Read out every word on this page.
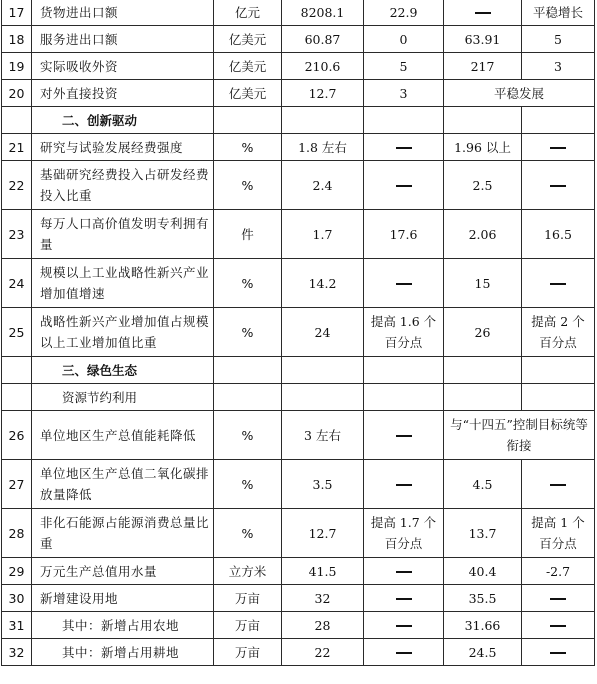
17	货物进出口额	亿元	8208.1	22.9		平稳增长
18	服务进出口额	亿美元	60.87	0	63.91	5
19	实际吸收外资	亿美元	210.6	5	217	3
20	对外直接投资	亿美元	12.7	3	平稳发展	
	二、创新驱动					
21	研究与试验发展经费强度	%	1.8 左右		1.96 以上	
22	基础研究经费投入占研发经费投入比重	%	2.4		2.5	
23	每万人口高价值发明专利拥有量	件	1.7	17.6	2.06	16.5
24	规模以上工业战略性新兴产业增加值增速	%	14.2		15	
25	战略性新兴产业增加值占规模以上工业增加值比重	%	24	提高 1.6 个百分点	26	提高 2 个百分点
	三、绿色生态					
	资源节约利用					
26	单位地区生产总值能耗降低	%	3 左右		与“十四五”控制目标统等衔接	
27	单位地区生产总值二氧化碳排放量降低	%	3.5		4.5	
28	非化石能源占能源消费总量比重	%	12.7	提高 1.7 个百分点	13.7	提高 1 个百分点
29	万元生产总值用水量	立方米	41.5		40.4	-2.7
30	新增建设用地	万亩	32		35.5	
31	其中：新增占用农地	万亩	28		31.66	
32	其中：新增占用耕地	万亩	22		24.5	
